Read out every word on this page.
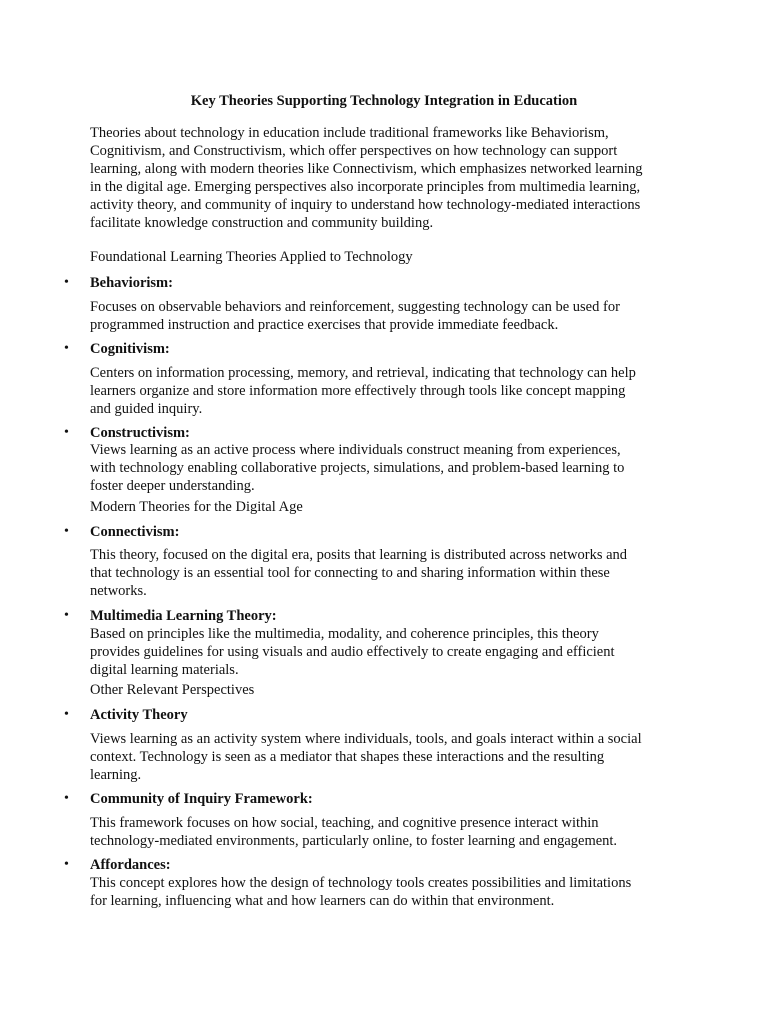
Key Theories Supporting Technology Integration in Education
Theories about technology in education include traditional frameworks like Behaviorism,
Cognitivism, and Constructivism, which offer perspectives on how technology can support
learning, along with modern theories like Connectivism, which emphasizes networked learning
in the digital age. Emerging perspectives also incorporate principles from multimedia learning,
activity theory, and community of inquiry to understand how technology-mediated interactions
facilitate knowledge construction and community building.
Foundational Learning Theories Applied to Technology
• Behaviorism:
Focuses on observable behaviors and reinforcement, suggesting technology can be used for
programmed instruction and practice exercises that provide immediate feedback.
• Cognitivism:
Centers on information processing, memory, and retrieval, indicating that technology can help
learners organize and store information more effectively through tools like concept mapping
and guided inquiry.
• Constructivism:
Views learning as an active process where individuals construct meaning from experiences,
with technology enabling collaborative projects, simulations, and problem-based learning to
foster deeper understanding.
Modern Theories for the Digital Age
• Connectivism:
This theory, focused on the digital era, posits that learning is distributed across networks and
that technology is an essential tool for connecting to and sharing information within these
networks.
• Multimedia Learning Theory:
Based on principles like the multimedia, modality, and coherence principles, this theory
provides guidelines for using visuals and audio effectively to create engaging and efficient
digital learning materials.
Other Relevant Perspectives
• Activity Theory
Views learning as an activity system where individuals, tools, and goals interact within a social
context. Technology is seen as a mediator that shapes these interactions and the resulting
learning.
• Community of Inquiry Framework:
This framework focuses on how social, teaching, and cognitive presence interact within
technology-mediated environments, particularly online, to foster learning and engagement.
• Affordances:
This concept explores how the design of technology tools creates possibilities and limitations
for learning, influencing what and how learners can do within that environment.
